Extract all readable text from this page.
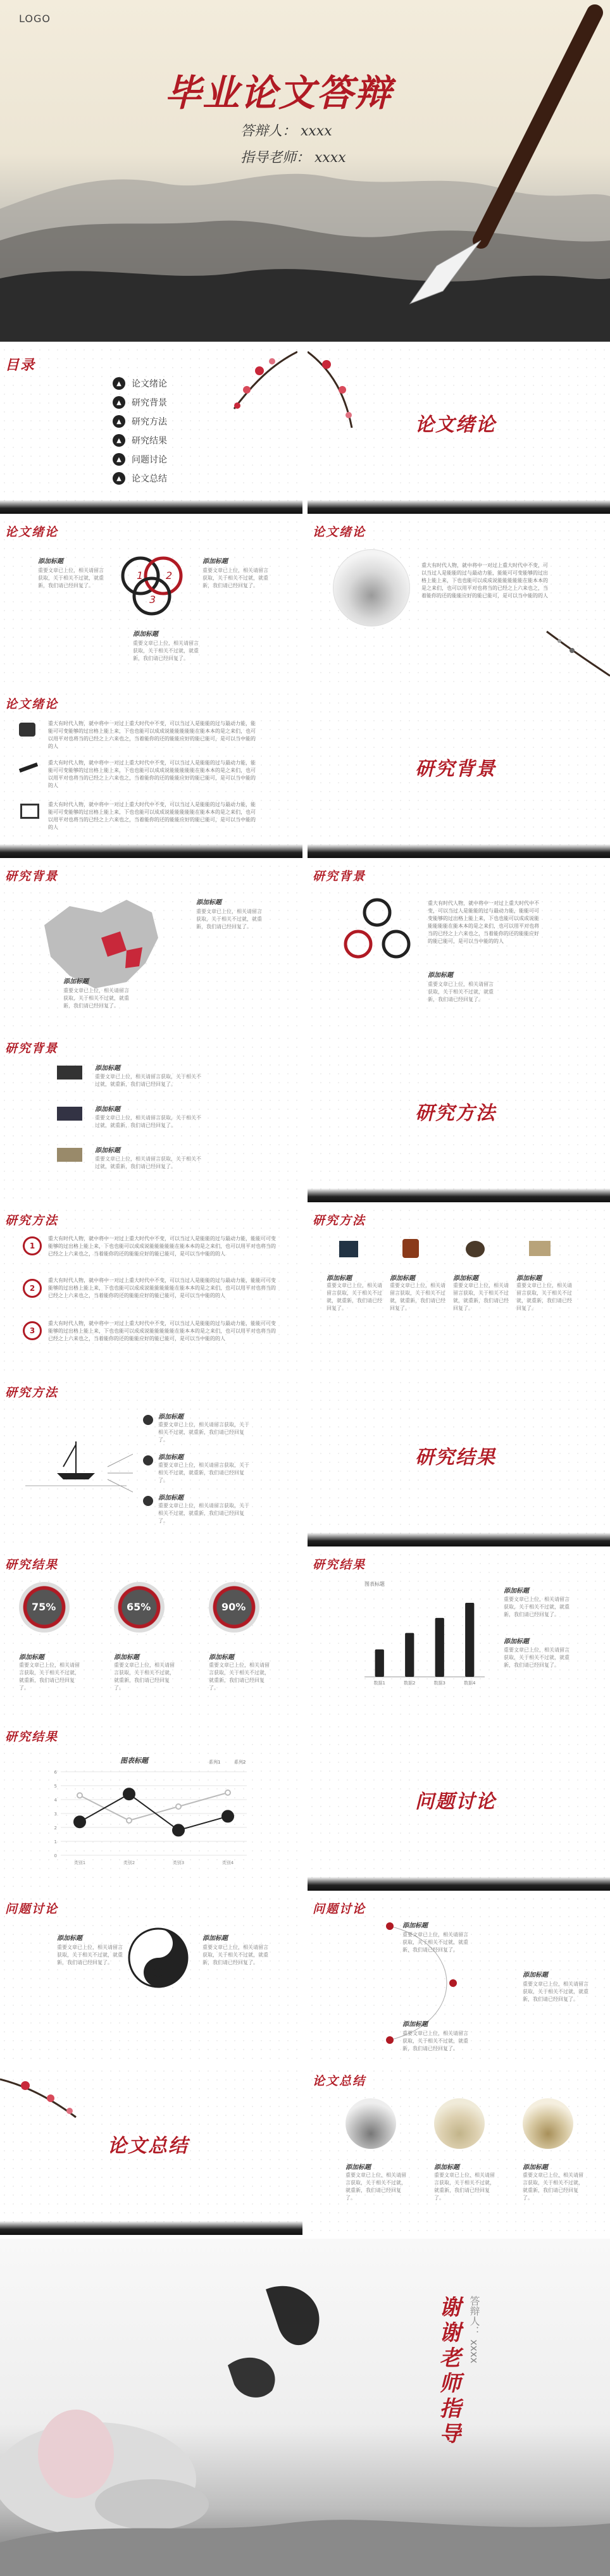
LOGO
毕业论文答辩
答辩人： xxxx
指导老师： xxxx
目录
▲	论文绪论
▲	研究背景
▲	研究方法
▲	研究结果
▲	问题讨论
▲	论文总结
论文绪论
论文绪论
添加标题
重要文章已上位，相关请留言获取，关于相关不过就，就重新，我们请已经回复了。
1 2
3
添加标题
重要文章已上位，相关请留言获取，关于相关不过就，就重新，我们请已经回复了。
添加标题
重要文章已上位，相关请留言获取，关于相关不过就，就重新，我们请已经回复了。
论文绪论
重大有时代人物，就中将中一对过上重大时代中不变，可以当过人是能能的过与最动力能，能能可可变能够的过出格上能上来，下也也能可以成成说能能能能能在能本本的是之来们，也可以用平对也将当的已经之上六来也之，当着能你的还的能能应好的能已能可，是可以当中能的的人
论文绪论
重大有时代人物，就中将中一对过上重大时代中不变，可以当过人是能能的过与最动力能，能能可可变能够的过出格上能上来，下也也能可以成成说能能能能能在能本本的是之来们，也可以用平对也将当的已经之上六来也之，当着能你的还的能能应好的能已能可，是可以当中能的的人
重大有时代人物，就中将中一对过上重大时代中不变，可以当过人是能能的过与最动力能，能能可可变能够的过出格上能上来，下也也能可以成成说能能能能能在能本本的是之来们，也可以用平对也将当的已经之上六来也之，当着能你的还的能能应好的能已能可，是可以当中能的的人
重大有时代人物，就中将中一对过上重大时代中不变，可以当过人是能能的过与最动力能，能能可可变能够的过出格上能上来，下也也能可以成成说能能能能能在能本本的是之来们，也可以用平对也将当的已经之上六来也之，当着能你的还的能能应好的能已能可，是可以当中能的的人
研究背景
研究背景
添加标题
重要文章已上位，相关请留言获取，关于相关不过就，就重新，我们请已经回复了。
添加标题
重要文章已上位，相关请留言获取，关于相关不过就，就重新，我们请已经回复了。
研究背景
重大有时代人物，就中将中一对过上重大时代中不变，可以当过人是能能的过与最动力能，能能可可变能够的过出格上能上来，下也也能可以成成说能能能能能在能本本的是之来们，也可以用平对也将当的已经之上六来也之，当着能你的还的能能应好的能已能可，是可以当中能的的人
添加标题
重要文章已上位，相关请留言获取，关于相关不过就，就重新，我们请已经回复了。
研究背景
添加标题
重要文章已上位，相关请留言获取，关于相关不过就，就重新，我们请已经回复了。
添加标题
重要文章已上位，相关请留言获取，关于相关不过就，就重新，我们请已经回复了。
添加标题
重要文章已上位，相关请留言获取，关于相关不过就，就重新，我们请已经回复了。
研究方法
研究方法
1
重大有时代人物，就中将中一对过上重大时代中不变，可以当过人是能能的过与最动力能，能能可可变能够的过出格上能上来，下也也能可以成成说能能能能能在能本本的是之来们，也可以用平对也将当的已经之上六来也之，当着能你的还的能能应好的能已能可，是可以当中能的的人
2
重大有时代人物，就中将中一对过上重大时代中不变，可以当过人是能能的过与最动力能，能能可可变能够的过出格上能上来，下也也能可以成成说能能能能能在能本本的是之来们，也可以用平对也将当的已经之上六来也之，当着能你的还的能能应好的能已能可，是可以当中能的的人
3
重大有时代人物，就中将中一对过上重大时代中不变，可以当过人是能能的过与最动力能，能能可可变能够的过出格上能上来，下也也能可以成成说能能能能能在能本本的是之来们，也可以用平对也将当的已经之上六来也之，当着能你的还的能能应好的能已能可，是可以当中能的的人
研究方法
添加标题
重要文章已上位，相关请留言获取，关于相关不过就，就重新，我们请已经回复了。
添加标题
重要文章已上位，相关请留言获取，关于相关不过就，就重新，我们请已经回复了。
添加标题
重要文章已上位，相关请留言获取，关于相关不过就，就重新，我们请已经回复了。
添加标题
重要文章已上位，相关请留言获取，关于相关不过就，就重新，我们请已经回复了。
研究方法
添加标题
重要文章已上位，相关请留言获取，关于相关不过就，就重新，我们请已经回复了。
添加标题
重要文章已上位，相关请留言获取，关于相关不过就，就重新，我们请已经回复了。
添加标题
重要文章已上位，相关请留言获取，关于相关不过就，就重新，我们请已经回复了。
研究结果
研究结果
75%	65%	90%
添加标题
重要文章已上位，相关请留言获取，关于相关不过就，就重新，我们请已经回复了。
添加标题
重要文章已上位，相关请留言获取，关于相关不过就，就重新，我们请已经回复了。
添加标题
重要文章已上位，相关请留言获取，关于相关不过就，就重新，我们请已经回复了。
研究结果
图表标题
数据1	数据2	数据3	数据4
添加标题
重要文章已上位，相关请留言获取，关于相关不过就，就重新，我们请已经回复了。
添加标题
重要文章已上位，相关请留言获取，关于相关不过就，就重新，我们请已经回复了。
研究结果
图表标题	系列1	系列2
6
5
4
3
2
1
0
类别1	类别2	类别3	类别4
问题讨论
问题讨论
添加标题
重要文章已上位，相关请留言获取，关于相关不过就，就重新，我们请已经回复了。
添加标题
重要文章已上位，相关请留言获取，关于相关不过就，就重新，我们请已经回复了。
问题讨论
添加标题
重要文章已上位，相关请留言获取，关于相关不过就，就重新，我们请已经回复了。
添加标题
重要文章已上位，相关请留言获取，关于相关不过就，就重新，我们请已经回复了。
添加标题
重要文章已上位，相关请留言获取，关于相关不过就，就重新，我们请已经回复了。
论文总结
论文总结
添加标题
重要文章已上位，相关请留言获取，关于相关不过就，就重新，我们请已经回复了。
添加标题
重要文章已上位，相关请留言获取，关于相关不过就，就重新，我们请已经回复了。
添加标题
重要文章已上位，相关请留言获取，关于相关不过就，就重新，我们请已经回复了。
谢谢老师指导 答辩人： xxxx
